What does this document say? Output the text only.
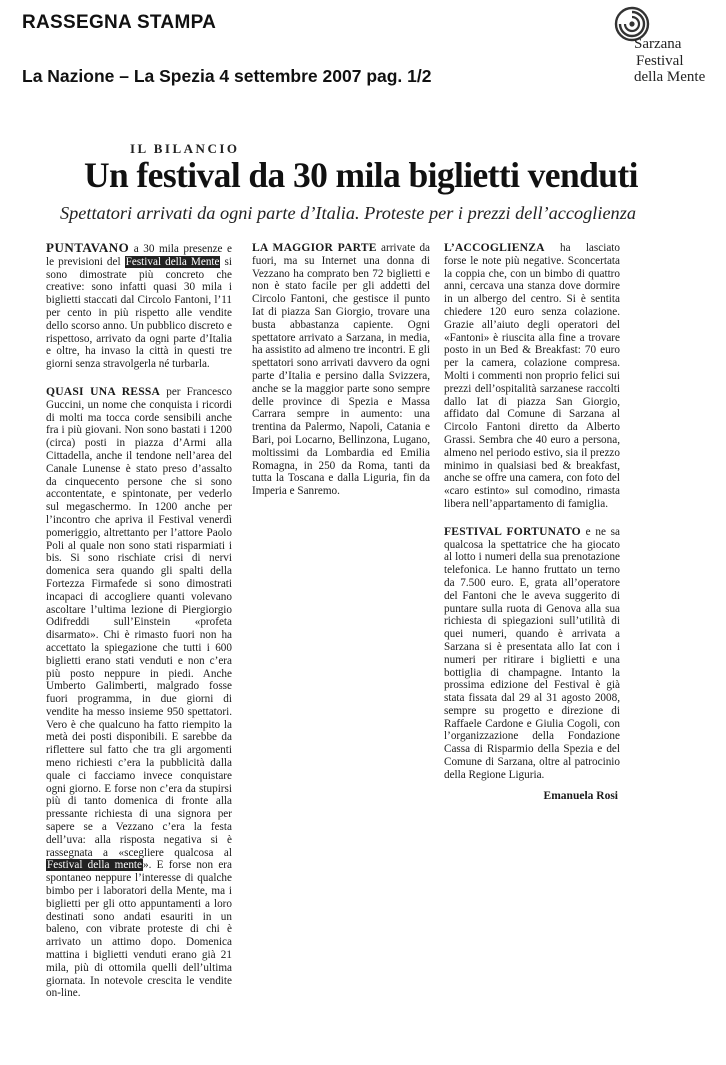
RASSEGNA STAMPA
La Nazione – La Spezia 4 settembre 2007 pag. 1/2
Sarzana
Festival
della Mente
IL BILANCIO
Un festival da 30 mila biglietti venduti
Spettatori arrivati da ogni parte d’Italia. Proteste per i prezzi dell’accoglienza

PUNTAVANO a 30 mila presenze e le previsioni del Festival della Mente si sono dimostrate più concreto che creative: sono infatti quasi 30 mila i biglietti staccati dal Circolo Fantoni, l’11 per cento in più rispetto alle vendite dello scorso anno. Un pubblico discreto e rispettoso, arrivato da ogni parte d’Italia e oltre, ha invaso la città in questi tre giorni senza stravolgerla né turbarla.

QUASI UNA RESSA per Francesco Guccini, un nome che conquista i ricordi di molti ma tocca corde sensibili anche fra i più giovani. Non sono bastati i 1200 (circa) posti in piazza d’Armi alla Cittadella, anche il tendone nell’area del Canale Lunense è stato preso d’assalto da cinquecento persone che si sono accontentate, e spintonate, per vederlo sul megaschermo. In 1200 anche per l’incontro che apriva il Festival venerdì pomeriggio, altrettanto per l’attore Paolo Poli al quale non sono stati risparmiati i bis. Si sono rischiate crisi di nervi domenica sera quando gli spalti della Fortezza Firmafede si sono dimostrati incapaci di accogliere quanti volevano ascoltare l’ultima lezione di Piergiorgio Odifreddi sull’Einstein «profeta disarmato». Chi è rimasto fuori non ha accettato la spiegazione che tutti i 600 biglietti erano stati venduti e non c’era più posto neppure in piedi. Anche Umberto Galimberti, malgrado fosse fuori programma, in due giorni di vendite ha messo insieme 950 spettatori. Vero è che qualcuno ha fatto riempito la metà dei posti disponibili. E sarebbe da riflettere sul fatto che tra gli argomenti meno richiesti c’era la pubblicità dalla quale ci facciamo invece conquistare ogni giorno. E forse non c’era da stupirsi più di tanto domenica di fronte alla pressante richiesta di una signora per sapere se a Vezzano c’era la festa dell’uva: alla risposta negativa si è rassegnata a «scegliere qualcosa al Festival della mente». E forse non era spontaneo neppure l’interesse di qualche bimbo per i laboratori della Mente, ma i biglietti per gli otto appuntamenti a loro destinati sono andati esauriti in un baleno, con vibrate proteste di chi è arrivato un attimo dopo. Domenica mattina i biglietti venduti erano già 21 mila, più di ottomila quelli dell’ultima giornata. In notevole crescita le vendite on-line.

LA MAGGIOR PARTE arrivate da fuori, ma su Internet una donna di Vezzano ha comprato ben 72 biglietti e non è stato facile per gli addetti del Circolo Fantoni, che gestisce il punto Iat di piazza San Giorgio, trovare una busta abbastanza capiente. Ogni spettatore arrivato a Sarzana, in media, ha assistito ad almeno tre incontri. E gli spettatori sono arrivati davvero da ogni parte d’Italia e persino dalla Svizzera, anche se la maggior parte sono sempre delle province di Spezia e Massa Carrara sempre in aumento: una trentina da Palermo, Napoli, Catania e Bari, poi Locarno, Bellinzona, Lugano, moltissimi da Lombardia ed Emilia Romagna, in 250 da Roma, tanti da tutta la Toscana e dalla Liguria, fin da Imperia e Sanremo.

L’ACCOGLIENZA ha lasciato forse le note più negative. Sconcertata la coppia che, con un bimbo di quattro anni, cercava una stanza dove dormire in un albergo del centro. Si è sentita chiedere 120 euro senza colazione. Grazie all’aiuto degli operatori del «Fantoni» è riuscita alla fine a trovare posto in un Bed & Breakfast: 70 euro per la camera, colazione compresa. Molti i commenti non proprio felici sui prezzi dell’ospitalità sarzanese raccolti dallo Iat di piazza San Giorgio, affidato dal Comune di Sarzana al Circolo Fantoni diretto da Alberto Grassi. Sembra che 40 euro a persona, almeno nel periodo estivo, sia il prezzo minimo in qualsiasi bed & breakfast, anche se offre una camera, con foto del «caro estinto» sul comodino, rimasta libera nell’appartamento di famiglia.

FESTIVAL FORTUNATO e ne sa qualcosa la spettatrice che ha giocato al lotto i numeri della sua prenotazione telefonica. Le hanno fruttato un terno da 7.500 euro. E, grata all’operatore del Fantoni che le aveva suggerito di puntare sulla ruota di Genova alla sua richiesta di spiegazioni sull’utilità di quei numeri, quando è arrivata a Sarzana si è presentata allo Iat con i numeri per ritirare i biglietti e una bottiglia di champagne. Intanto la prossima edizione del Festival è già stata fissata dal 29 al 31 agosto 2008, sempre su progetto e direzione di Raffaele Cardone e Giulia Cogoli, con l’organizzazione della Fondazione Cassa di Risparmio della Spezia e del Comune di Sarzana, oltre al patrocinio della Regione Liguria.

Emanuela Rosi
